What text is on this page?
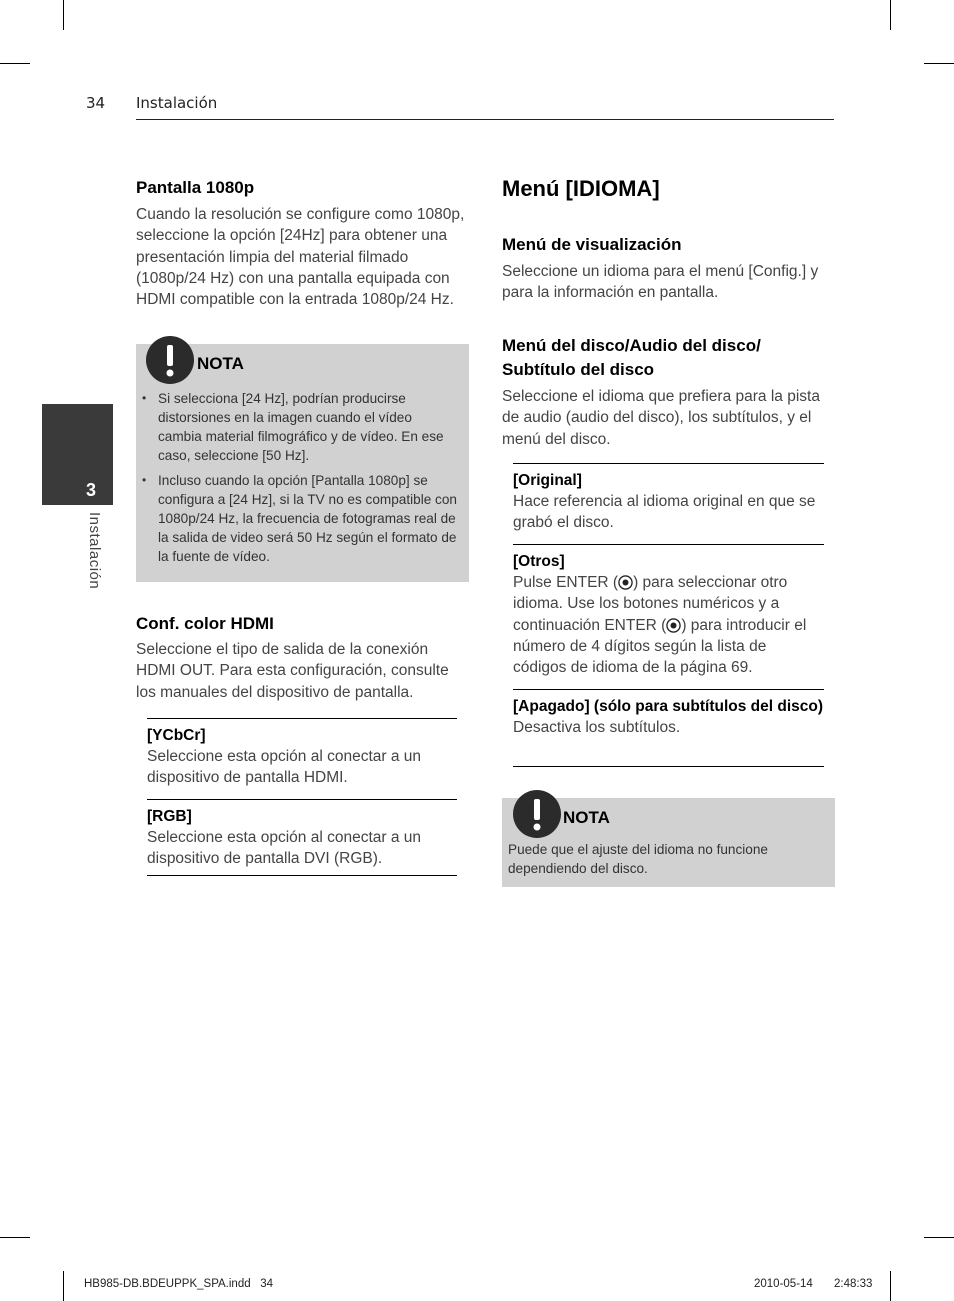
34 Instalación
3
Instalación

Pantalla 1080p

Cuando la resolución se configure como 1080p, seleccione la opción [24Hz] para obtener una presentación limpia del material filmado (1080p/24 Hz) con una pantalla equipada con HDMI compatible con la entrada 1080p/24 Hz.

NOTA
• Si selecciona [24 Hz], podrían producirse distorsiones en la imagen cuando el vídeo cambia material filmográfico y de vídeo. En ese caso, seleccione [50 Hz].
• Incluso cuando la opción [Pantalla 1080p] se configura a [24 Hz], si la TV no es compatible con 1080p/24 Hz, la frecuencia de fotogramas real de la salida de video será 50 Hz según el formato de la fuente de vídeo.

Conf. color HDMI

Seleccione el tipo de salida de la conexión HDMI OUT. Para esta configuración, consulte los manuales del dispositivo de pantalla.

[YCbCr]

Seleccione esta opción al conectar a un dispositivo de pantalla HDMI.

[RGB]

Seleccione esta opción al conectar a un dispositivo de pantalla DVI (RGB).

Menú [IDIOMA]

Menú de visualización

Seleccione un idioma para el menú [Config.] y para la información en pantalla.

Menú del disco/Audio del disco/

Subtítulo del disco

Seleccione el idioma que prefiera para la pista de audio (audio del disco), los subtítulos, y el menú del disco.

[Original]

Hace referencia al idioma original en que se grabó el disco.

[Otros]

Pulse ENTER ( ) para seleccionar otro idioma. Use los botones numéricos y a continuación ENTER ( ) para introducir el número de 4 dígitos según la lista de códigos de idioma de la página 69.

[Apagado] (sólo para subtítulos del disco)

Desactiva los subtítulos.

NOTA
Puede que el ajuste del idioma no funcione dependiendo del disco.
HB985-DB.BDEUPPK_SPA.indd   34	2010-05-14 2:48:33
